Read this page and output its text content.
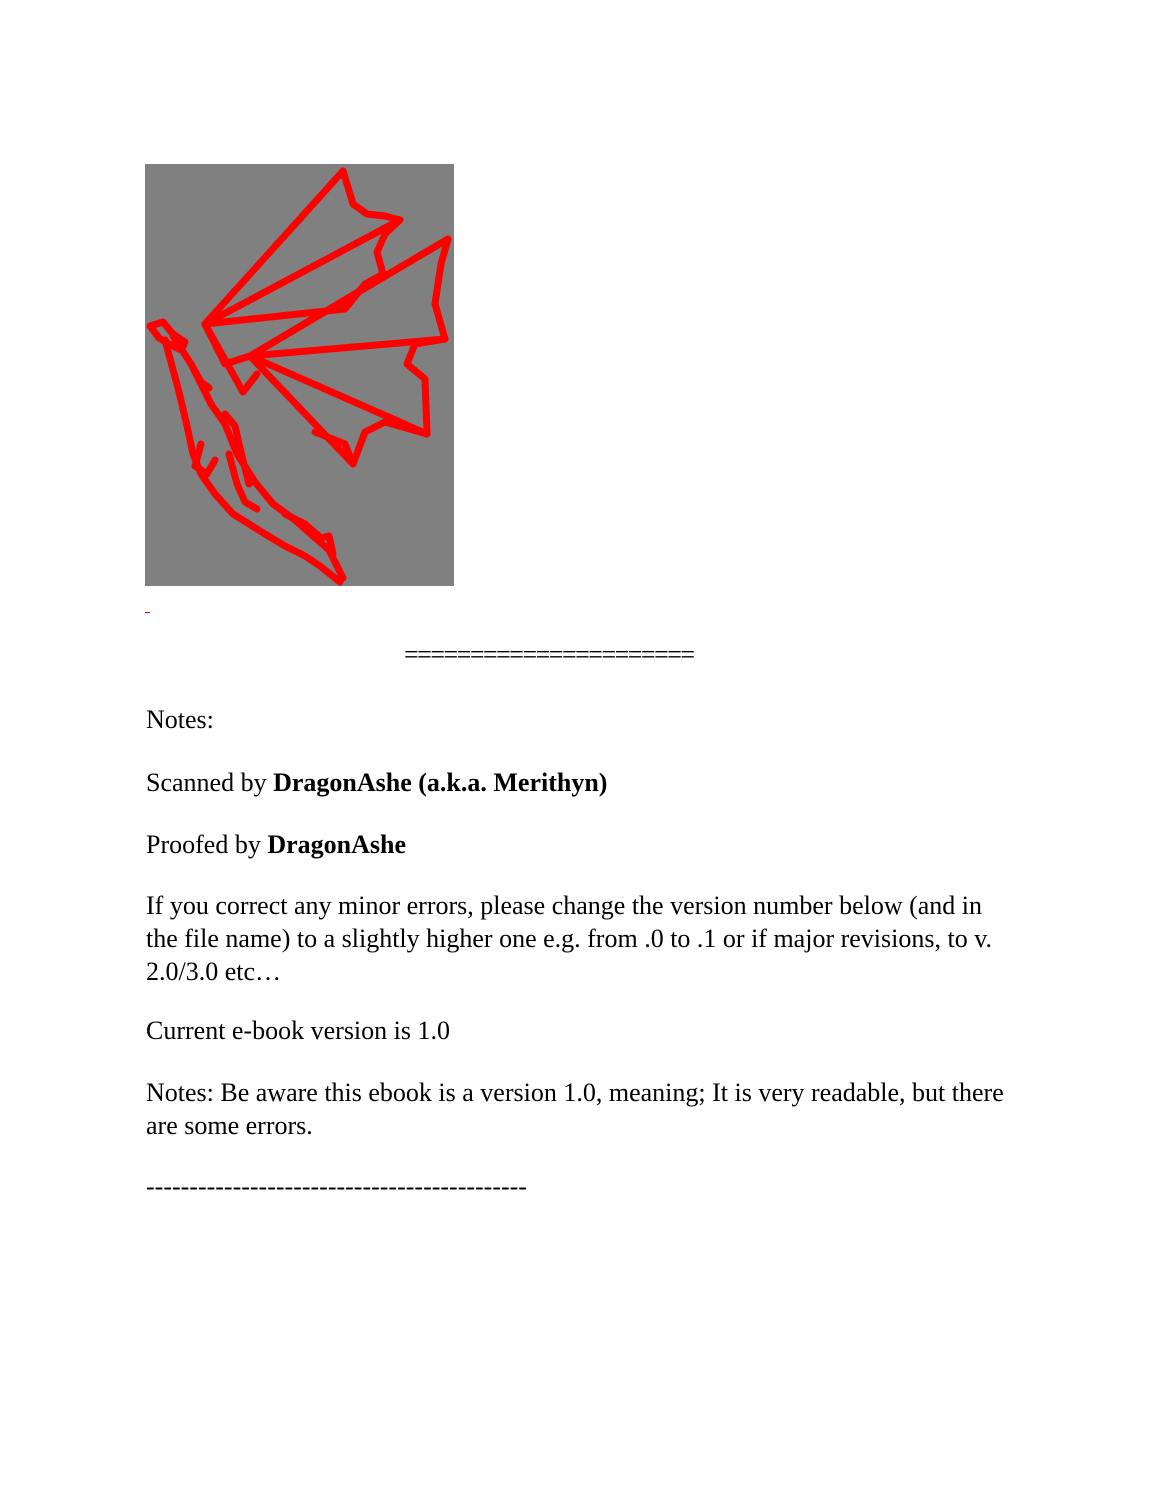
======================

Notes:

Scanned by DragonAshe (a.k.a. Merithyn)

Proofed by DragonAshe

If you correct any minor errors, please change the version number below (and in the file name) to a slightly higher one e.g. from .0 to .1 or if major revisions, to v. 2.0/3.0 etc…

Current e-book version is 1.0

Notes: Be aware this ebook is a version 1.0, meaning; It is very readable, but there are some errors.

--------------------------------------------
